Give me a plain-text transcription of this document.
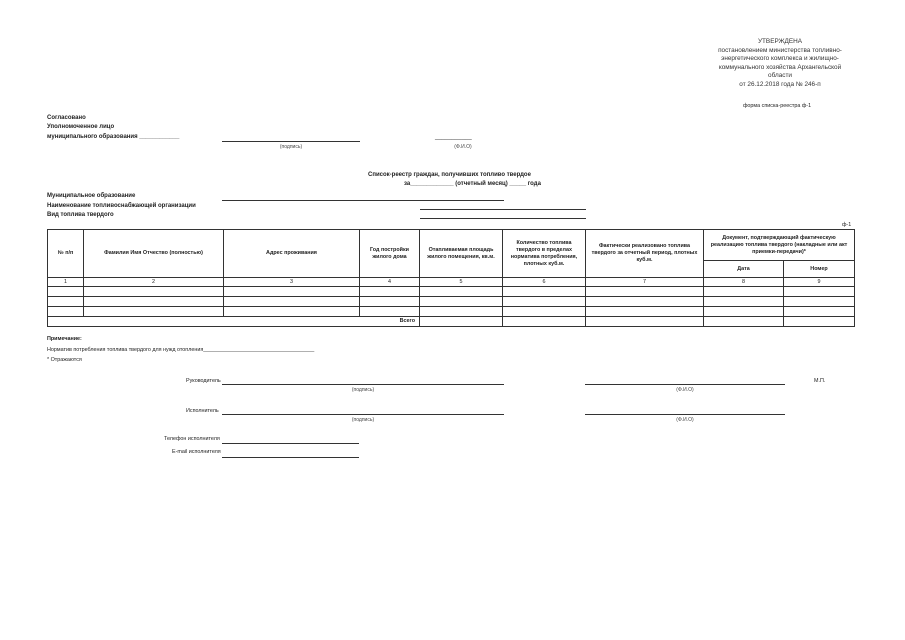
УТВЕРЖДЕНА
постановлением министерства топливно-
энергетического комплекса и жилищно-
коммунального хозяйства Архангельской
области
от 26.12.2018 года № 246-п
форма списка-реестра ф-1
Согласовано
Уполномоченное лицо
муниципального образования ____________
(подпись)
___________
(Ф.И.О)
Список-реестр граждан, получивших топливо твердое
за_____________ (отчетный месяц) _____ года
Муниципальное образование
Наименование топливоснабжающей организации
Вид топлива твердого
ф-1
№ п/п	Фамилия Имя Отчество (полностью)	Адрес проживания	Год постройки жилого дома	Отапливаемая площадь жилого помещения, кв.м.	Количество топлива твердого в пределах норматива потребления, плотных куб.м.	Фактически реализовано топлива твердого за отчетный период, плотных куб.м.	Документ, подтверждающий фактическую реализацию топлива твердого (накладные или акт приемки-передачи)*	
							Дата	Номер
1	2	3	4	5	6	7	8	9

Всего								
Примечание:
Норматив потребления топлива твердого для нужд отопления_____________________________________
* Отражаются
Руководитель
(подпись)	(Ф.И.О)
М.П.
Исполнитель
(подпись)	(Ф.И.О)
Телефон исполнителя
E-mail исполнителя
